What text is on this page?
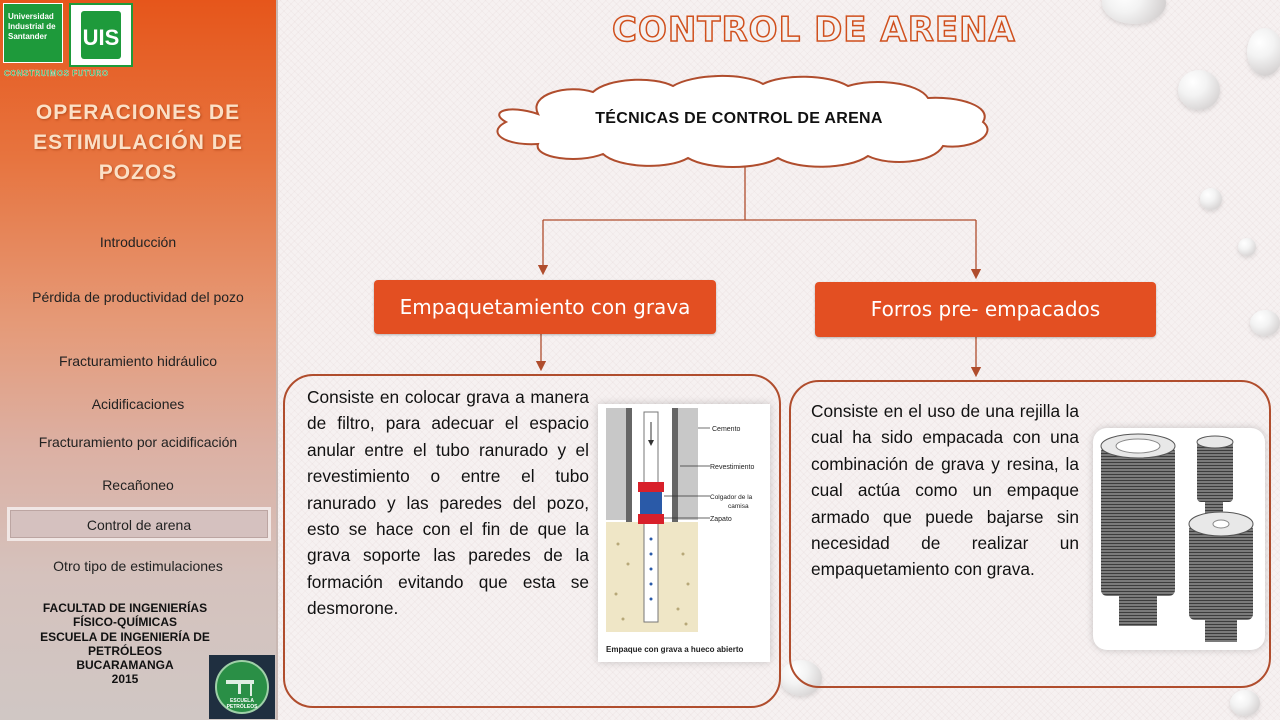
Universidad Industrial de Santander	UIS
CONSTRUIMOS FUTURO
OPERACIONES DE ESTIMULACIÓN DE POZOS
Introducción
Pérdida de productividad del pozo
Fracturamiento hidráulico
Acidificaciones
Fracturamiento por acidificación
Recañoneo
Control de arena
Otro tipo de estimulaciones
FACULTAD DE INGENIERÍAS
FÍSICO-QUÍMICAS
ESCUELA DE INGENIERÍA DE
PETRÓLEOS
BUCARAMANGA
2015
ESCUELA
PETRÓLEOS
CONTROL DE ARENA
TÉCNICAS DE CONTROL DE ARENA
Empaquetamiento con grava	Forros pre- empacados
Consiste en colocar grava a manera de filtro, para adecuar el espacio anular entre el tubo ranurado y el revestimiento o entre el tubo ranurado y las paredes del pozo, esto se hace con el fin de que la grava soporte las paredes de la formación evitando que esta se desmorone.
Cemento
Revestimiento
Colgador de la
camisa
Zapato
Empaque con grava a hueco abierto
Consiste en el uso de una rejilla la cual ha sido empacada con una combinación de grava y resina, la cual actúa como un empaque armado que puede bajarse sin necesidad de realizar un empaquetamiento con grava.
